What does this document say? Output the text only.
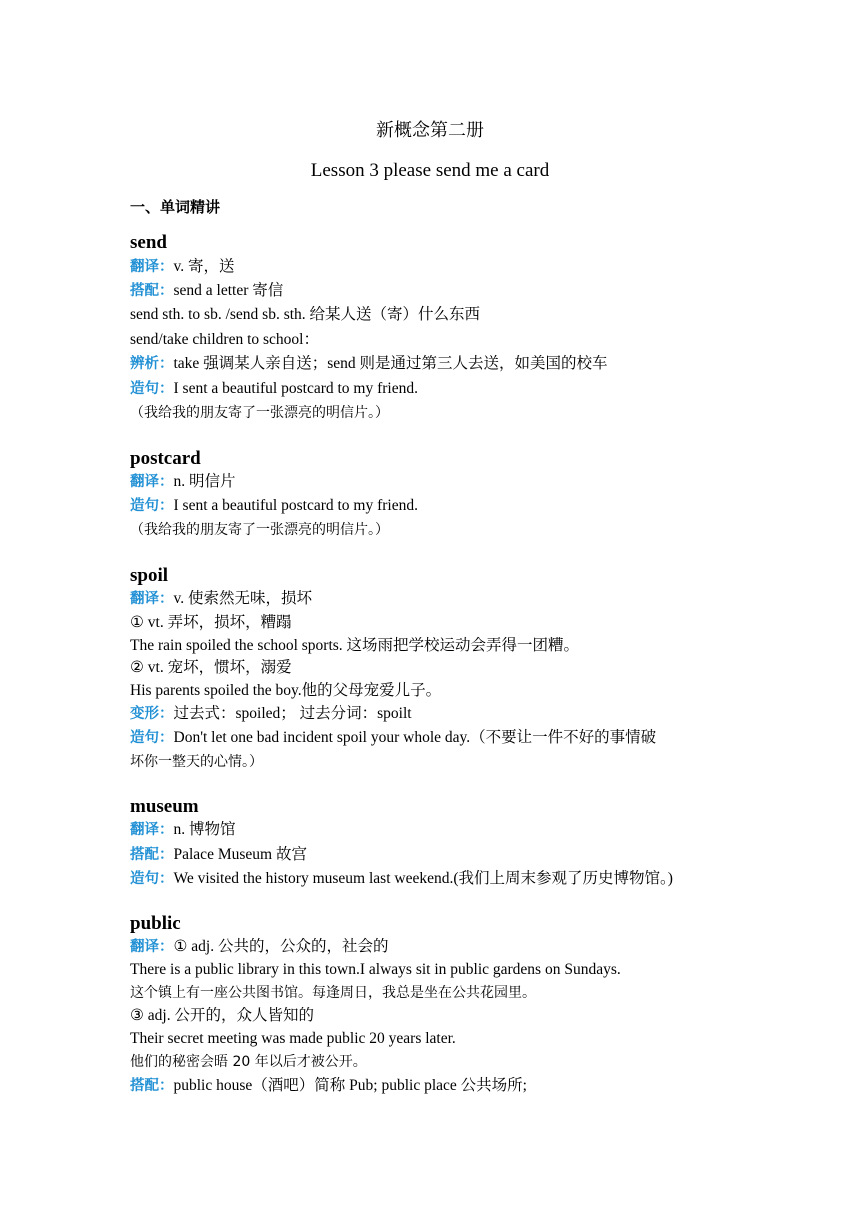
新概念第二册
Lesson 3 please send me a card
一、单词精讲
send
翻译：v. 寄，送
搭配：send a letter 寄信
send sth. to sb. /send sb. sth. 给某人送（寄）什么东西
send/take children to school：
辨析：take 强调某人亲自送；send 则是通过第三人去送，如美国的校车
造句：I sent a beautiful postcard to my friend.
（我给我的朋友寄了一张漂亮的明信片。）
postcard
翻译：n. 明信片
造句：I sent a beautiful postcard to my friend.
（我给我的朋友寄了一张漂亮的明信片。）
spoil
翻译：v. 使索然无味，损坏
① vt. 弄坏，损坏，糟蹋
The rain spoiled the school sports. 这场雨把学校运动会弄得一团糟。
② vt. 宠坏，惯坏，溺爱
His parents spoiled the boy.他的父母宠爱儿子。
变形：过去式：spoiled； 过去分词：spoilt
造句：Don't let one bad incident spoil your whole day.（不要让一件不好的事情破
坏你一整天的心情。）
museum
翻译：n. 博物馆
搭配：Palace Museum 故宫
造句：We visited the history museum last weekend.(我们上周末参观了历史博物馆。)
public
翻译：① adj. 公共的，公众的，社会的
There is a public library in this town.I always sit in public gardens on Sundays.
这个镇上有一座公共图书馆。每逢周日，我总是坐在公共花园里。
③ adj. 公开的，众人皆知的
Their secret meeting was made public 20 years later.
他们的秘密会晤 20 年以后才被公开。
搭配：public house（酒吧）简称 Pub; public place 公共场所;
